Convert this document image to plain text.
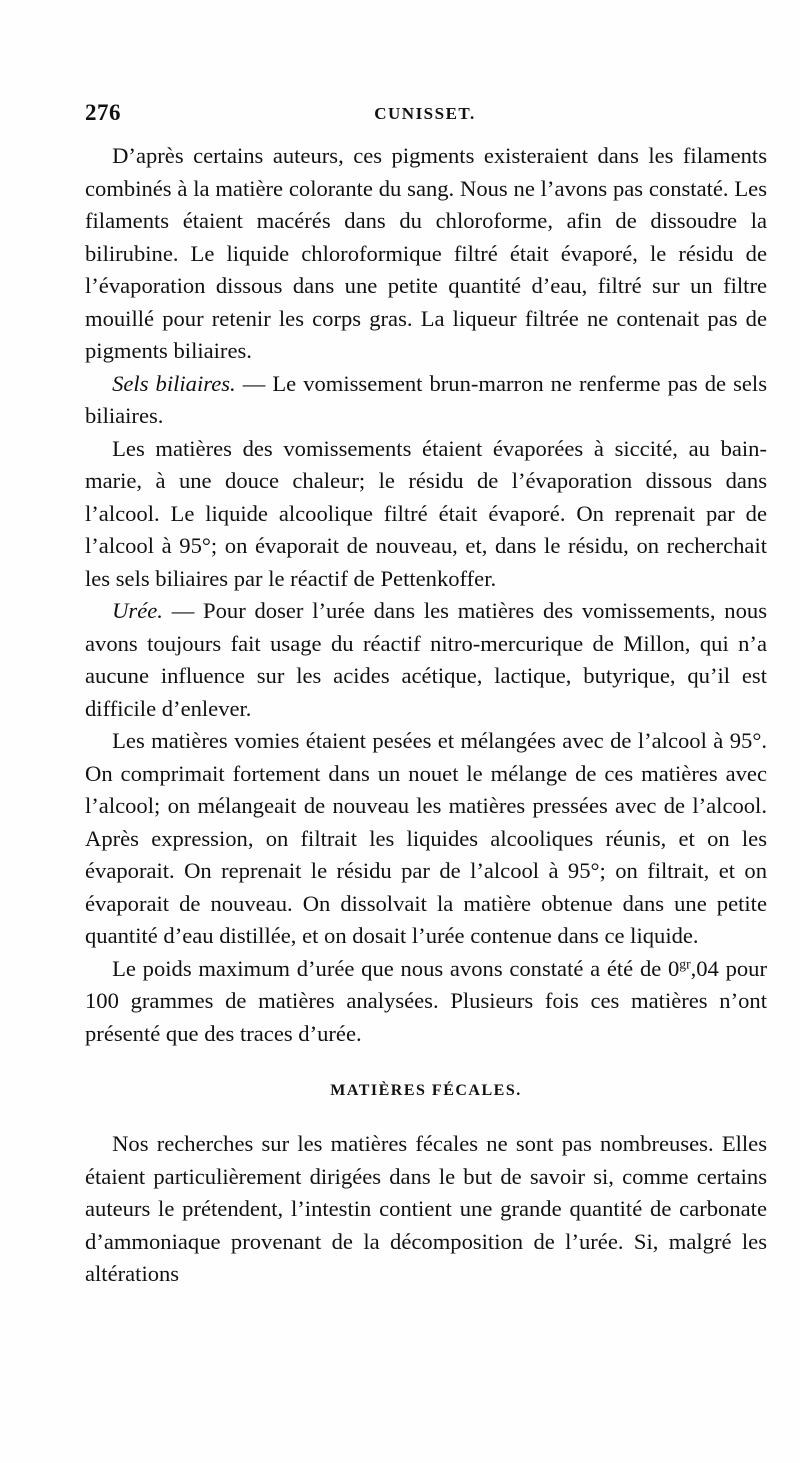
276	CUNISSET.

D’après certains auteurs, ces pigments existeraient dans les filaments combinés à la matière colorante du sang. Nous ne l’avons pas constaté. Les filaments étaient macérés dans du chloroforme, afin de dissoudre la bilirubine. Le liquide chloroformique filtré était évaporé, le résidu de l’évaporation dissous dans une petite quantité d’eau, filtré sur un filtre mouillé pour retenir les corps gras. La liqueur filtrée ne contenait pas de pigments biliaires.

Sels biliaires. — Le vomissement brun-marron ne renferme pas de sels biliaires.

Les matières des vomissements étaient évaporées à siccité, au bain-marie, à une douce chaleur; le résidu de l’évaporation dissous dans l’alcool. Le liquide alcoolique filtré était évaporé. On reprenait par de l’alcool à 95°; on évaporait de nouveau, et, dans le résidu, on recherchait les sels biliaires par le réactif de Pettenkoffer.

Urée. — Pour doser l’urée dans les matières des vomissements, nous avons toujours fait usage du réactif nitro-mercurique de Millon, qui n’a aucune influence sur les acides acétique, lactique, butyrique, qu’il est difficile d’enlever.

Les matières vomies étaient pesées et mélangées avec de l’alcool à 95°. On comprimait fortement dans un nouet le mélange de ces matières avec l’alcool; on mélangeait de nouveau les matières pressées avec de l’alcool. Après expression, on filtrait les liquides alcooliques réunis, et on les évaporait. On reprenait le résidu par de l’alcool à 95°; on filtrait, et on évaporait de nouveau. On dissolvait la matière obtenue dans une petite quantité d’eau distillée, et on dosait l’urée contenue dans ce liquide.

Le poids maximum d’urée que nous avons constaté a été de $0^{gr},04$ pour 100 grammes de matières analysées. Plusieurs fois ces matières n’ont présenté que des traces d’urée.

MATIÈRES FÉCALES.

Nos recherches sur les matières fécales ne sont pas nombreuses. Elles étaient particulièrement dirigées dans le but de savoir si, comme certains auteurs le prétendent, l’intestin contient une grande quantité de carbonate d’ammoniaque provenant de la décomposition de l’urée. Si, malgré les altérations
